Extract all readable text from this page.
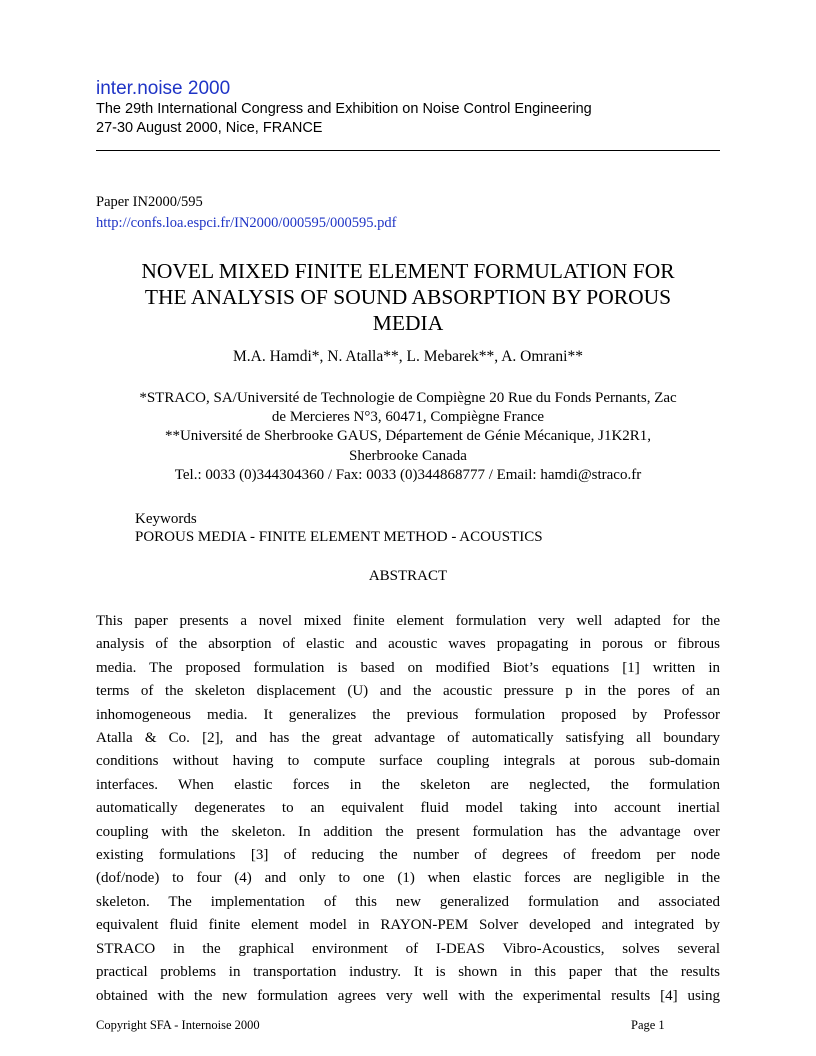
inter.noise 2000
The 29th International Congress and Exhibition on Noise Control Engineering
27-30 August 2000, Nice, FRANCE
Paper IN2000/595
http://confs.loa.espci.fr/IN2000/000595/000595.pdf
NOVEL MIXED FINITE ELEMENT FORMULATION FOR
THE ANALYSIS OF SOUND ABSORPTION BY POROUS
MEDIA
M.A. Hamdi*, N. Atalla**, L. Mebarek**, A. Omrani**
*STRACO, SA/Université de Technologie de Compiègne 20 Rue du Fonds Pernants, Zac
de Mercieres N°3, 60471, Compiègne France
**Université de Sherbrooke GAUS, Département de Génie Mécanique, J1K2R1,
Sherbrooke Canada
Tel.: 0033 (0)344304360 / Fax: 0033 (0)344868777 / Email: hamdi@straco.fr
Keywords
POROUS MEDIA - FINITE ELEMENT METHOD - ACOUSTICS
ABSTRACT
This paper presents a novel mixed finite element formulation very well adapted for the
analysis of the absorption of elastic and acoustic waves propagating in porous or fibrous
media. The proposed formulation is based on modified Biot’s equations [1] written in
terms of the skeleton displacement (U) and the acoustic pressure p in the pores of an
inhomogeneous media. It generalizes the previous formulation proposed by Professor
Atalla & Co. [2], and has the great advantage of automatically satisfying all boundary
conditions without having to compute surface coupling integrals at porous sub-domain
interfaces. When elastic forces in the skeleton are neglected, the formulation
automatically degenerates to an equivalent fluid model taking into account inertial
coupling with the skeleton. In addition the present formulation has the advantage over
existing formulations [3] of reducing the number of degrees of freedom per node
(dof/node) to four (4) and only to one (1) when elastic forces are negligible in the
skeleton. The implementation of this new generalized formulation and associated
equivalent fluid finite element model in RAYON-PEM Solver developed and integrated by
STRACO in the graphical environment of I-DEAS Vibro-Acoustics, solves several
practical problems in transportation industry. It is shown in this paper that the results
obtained with the new formulation agrees very well with the experimental results [4] using
Copyright SFA - Internoise 2000	Page 1
